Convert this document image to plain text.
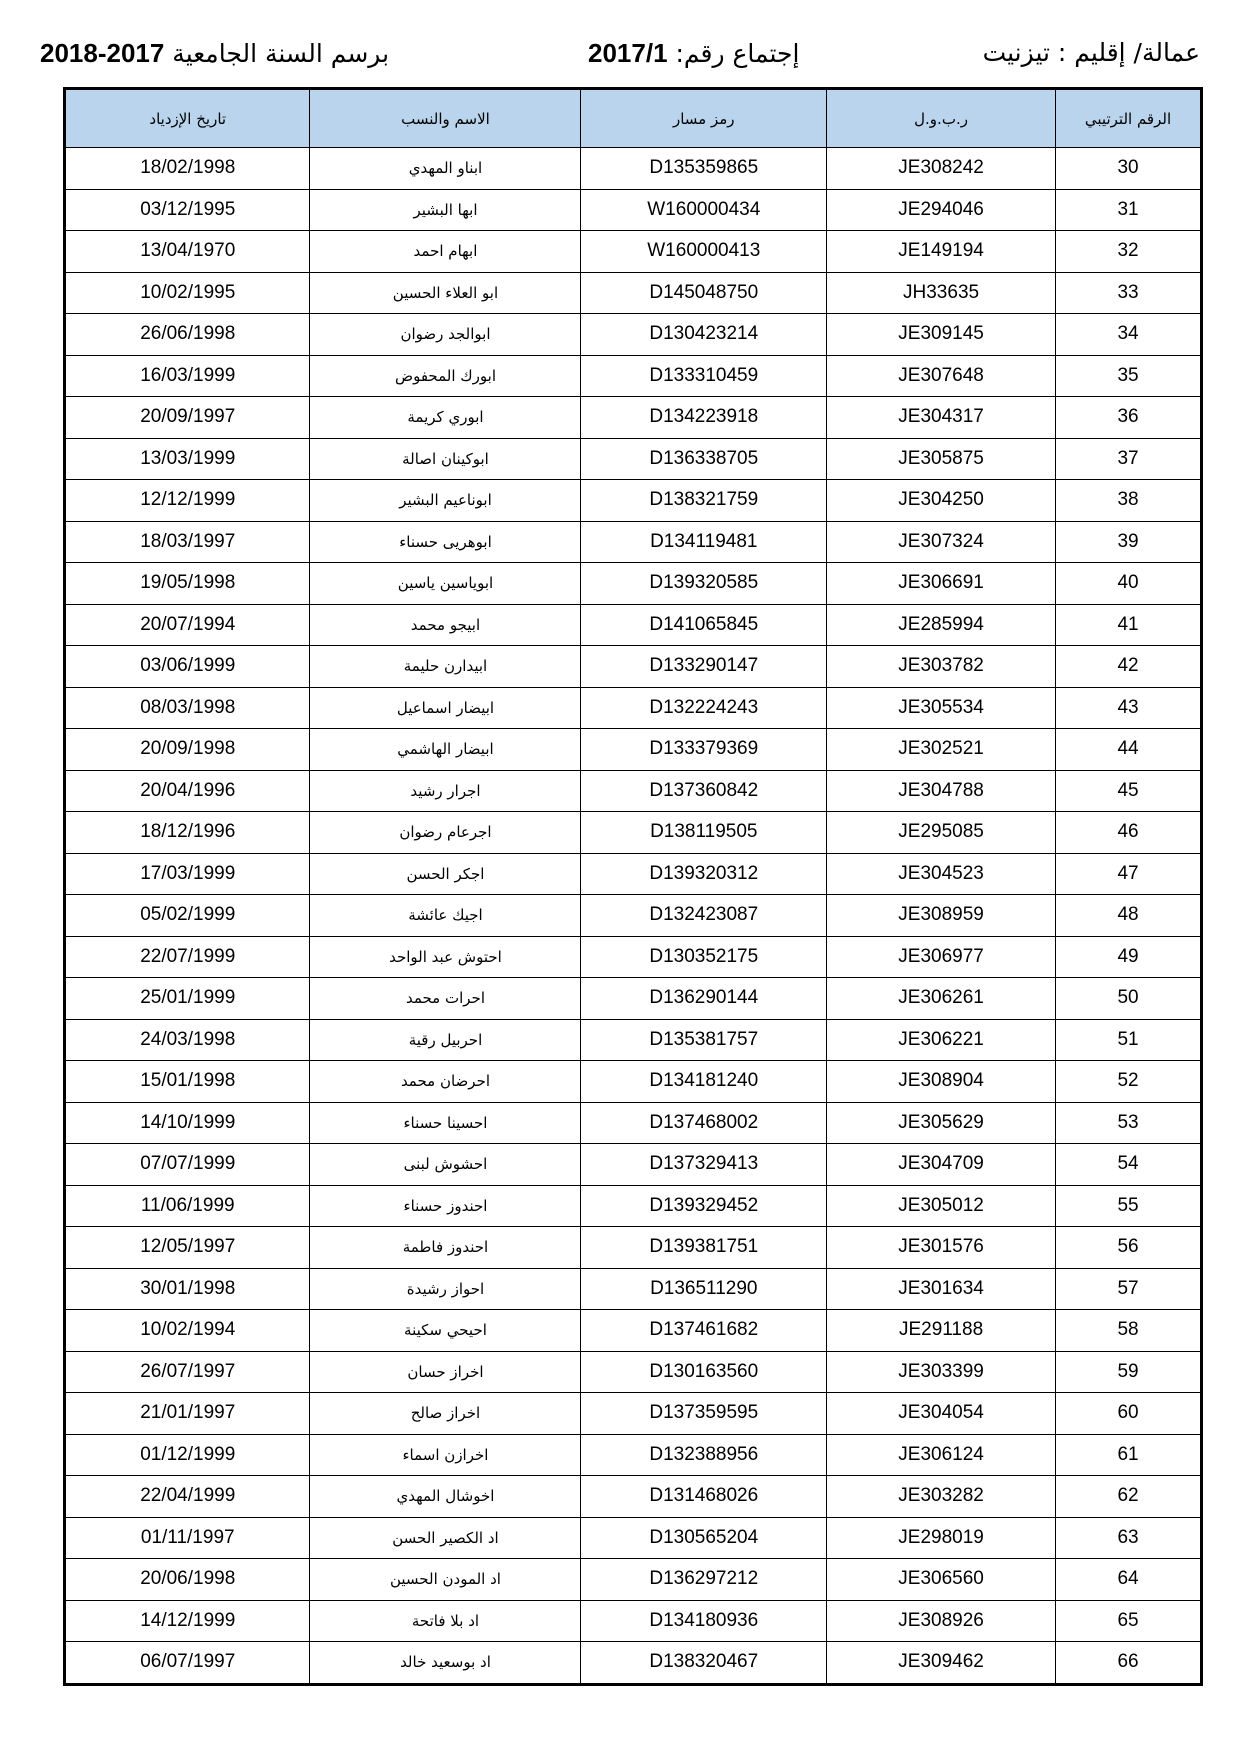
2018-2017 برسم السنة الجامعية	2017/1 إجتماع رقم:	عمالة/ إقليم : تيزنيت
تاريخ الإزدياد	الاسم والنسب	رمز مسار	ر.ب.و.ل	الرقم الترتيبي
18/02/1998	ابناو المهدي	D135359865	JE308242	30
03/12/1995	ابها البشير	W160000434	JE294046	31
13/04/1970	ابهام احمد	W160000413	JE149194	32
10/02/1995	ابو العلاء الحسين	D145048750	JH33635	33
26/06/1998	ابوالجد رضوان	D130423214	JE309145	34
16/03/1999	ابورك المحفوض	D133310459	JE307648	35
20/09/1997	ابوري كريمة	D134223918	JE304317	36
13/03/1999	ابوكينان اصالة	D136338705	JE305875	37
12/12/1999	ابوناعيم البشير	D138321759	JE304250	38
18/03/1997	ابوهريى حسناء	D134119481	JE307324	39
19/05/1998	ابوياسين ياسين	D139320585	JE306691	40
20/07/1994	ابيجو محمد	D141065845	JE285994	41
03/06/1999	ابيدارن حليمة	D133290147	JE303782	42
08/03/1998	ابيضار اسماعيل	D132224243	JE305534	43
20/09/1998	ابيضار الهاشمي	D133379369	JE302521	44
20/04/1996	اجرار رشيد	D137360842	JE304788	45
18/12/1996	اجرعام رضوان	D138119505	JE295085	46
17/03/1999	اجكر الحسن	D139320312	JE304523	47
05/02/1999	اجيك عائشة	D132423087	JE308959	48
22/07/1999	احتوش عبد الواحد	D130352175	JE306977	49
25/01/1999	احرات محمد	D136290144	JE306261	50
24/03/1998	احربيل رقية	D135381757	JE306221	51
15/01/1998	احرضان محمد	D134181240	JE308904	52
14/10/1999	احسينا حسناء	D137468002	JE305629	53
07/07/1999	احشوش لبنى	D137329413	JE304709	54
11/06/1999	احندوز حسناء	D139329452	JE305012	55
12/05/1997	احندوز فاطمة	D139381751	JE301576	56
30/01/1998	احواز رشيدة	D136511290	JE301634	57
10/02/1994	احيحي سكينة	D137461682	JE291188	58
26/07/1997	اخراز حسان	D130163560	JE303399	59
21/01/1997	اخراز صالح	D137359595	JE304054	60
01/12/1999	اخرازن اسماء	D132388956	JE306124	61
22/04/1999	اخوشال المهدي	D131468026	JE303282	62
01/11/1997	اد الكصير الحسن	D130565204	JE298019	63
20/06/1998	اد المودن الحسين	D136297212	JE306560	64
14/12/1999	اد بلا فاتحة	D134180936	JE308926	65
06/07/1997	اد بوسعيد خالد	D138320467	JE309462	66
